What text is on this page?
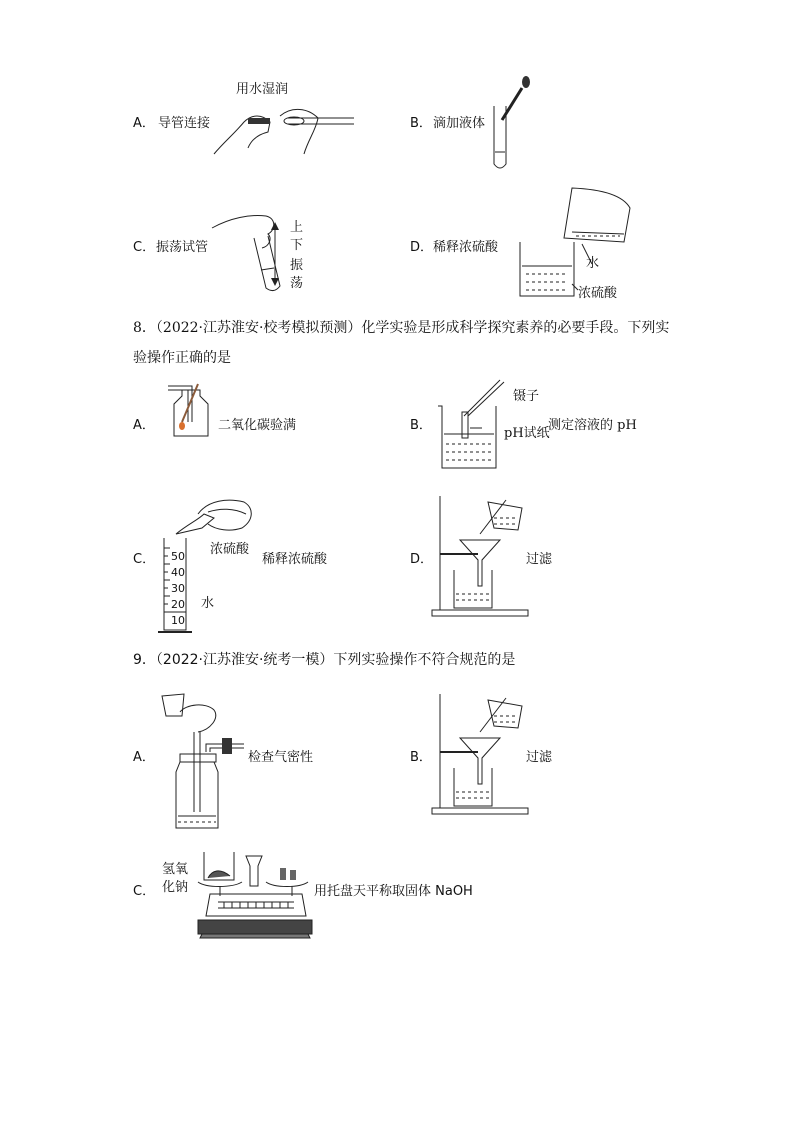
用水湿润
A． 导管连接	B． 滴加液体
C． 振荡试管
上
下
振
荡
D． 稀释浓硫酸
水
浓硫酸
8．（2022·江苏淮安·校考模拟预测）化学实验是形成科学探究素养的必要手段。下列实
验操作正确的是
A．	二氧化碳验满	B．
镊子
pH试纸
测定溶液的 pH
C． 50
40
30
20
10
浓硫酸
稀释浓硫酸
水
D．	过滤
9．（2022·江苏淮安·统考一模）下列实验操作不符合规范的是
A．	检查气密性	B．	过滤
C．
氢氧
化钠	用托盘天平称取固体 NaOH
